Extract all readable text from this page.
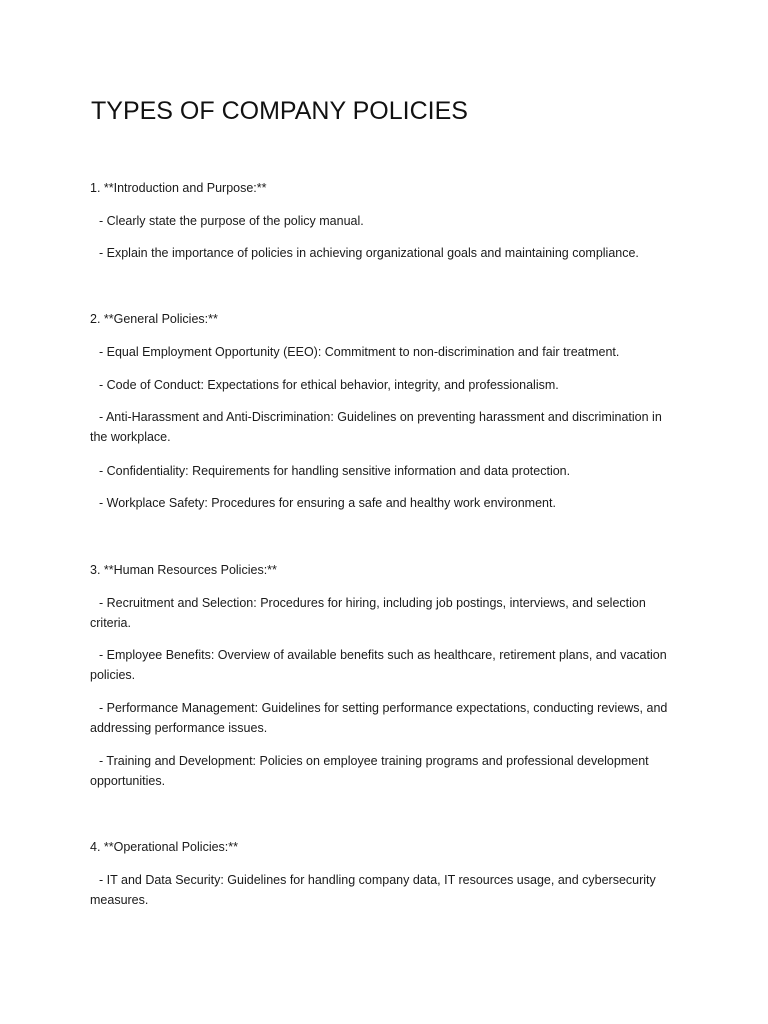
TYPES OF COMPANY POLICIES

1. **Introduction and Purpose:**

- Clearly state the purpose of the policy manual.

- Explain the importance of policies in achieving organizational goals and maintaining compliance.

2. **General Policies:**

- Equal Employment Opportunity (EEO): Commitment to non-discrimination and fair treatment.

- Code of Conduct: Expectations for ethical behavior, integrity, and professionalism.

- Anti-Harassment and Anti-Discrimination: Guidelines on preventing harassment and discrimination in the workplace.

- Confidentiality: Requirements for handling sensitive information and data protection.

- Workplace Safety: Procedures for ensuring a safe and healthy work environment.

3. **Human Resources Policies:**

- Recruitment and Selection: Procedures for hiring, including job postings, interviews, and selection criteria.

- Employee Benefits: Overview of available benefits such as healthcare, retirement plans, and vacation policies.

- Performance Management: Guidelines for setting performance expectations, conducting reviews, and addressing performance issues.

- Training and Development: Policies on employee training programs and professional development opportunities.

4. **Operational Policies:**

- IT and Data Security: Guidelines for handling company data, IT resources usage, and cybersecurity measures.
